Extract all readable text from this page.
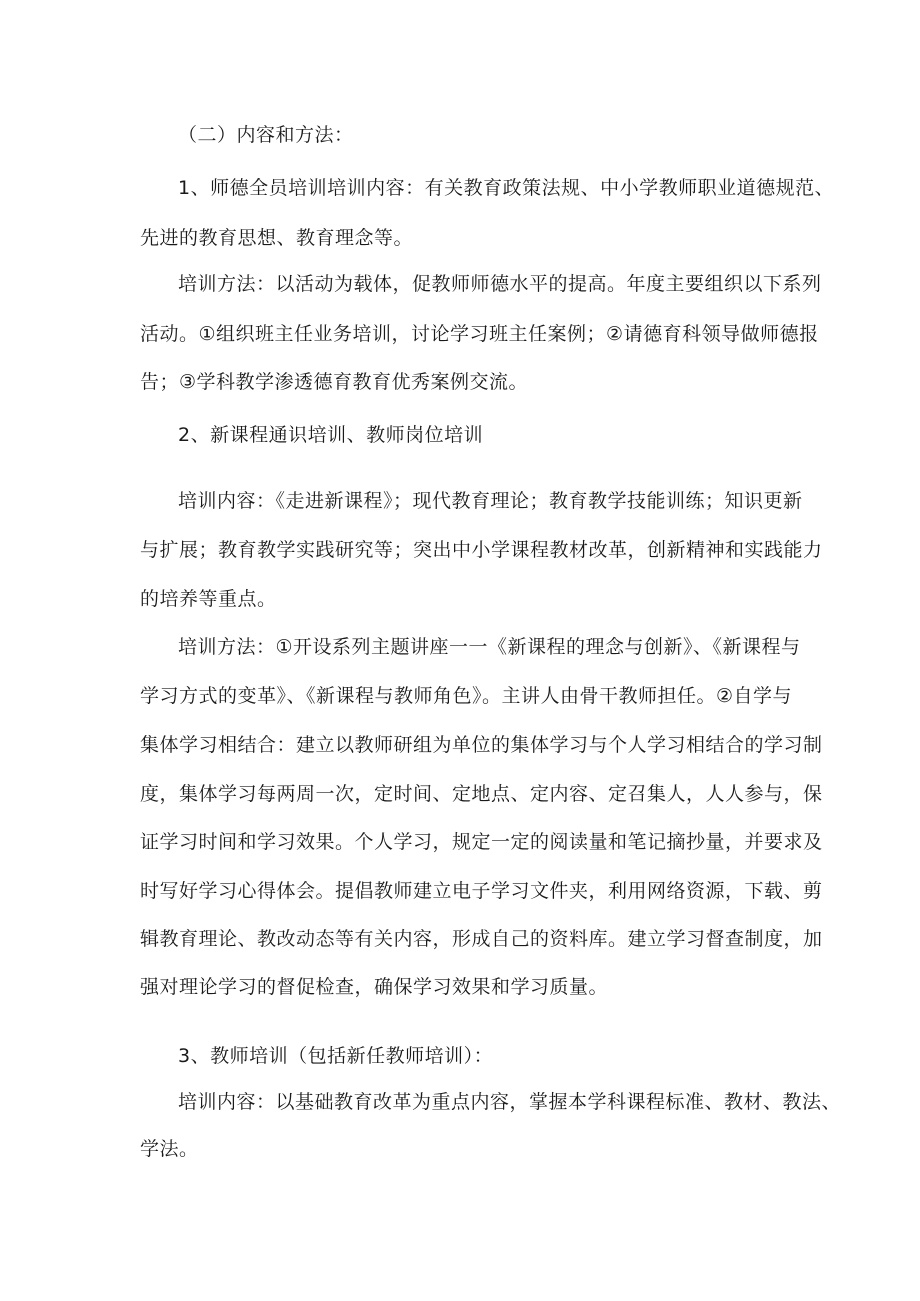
（二）内容和方法：
1、师德全员培训培训内容：有关教育政策法规、中小学教师职业道德规范、
先进的教育思想、教育理念等。
培训方法：以活动为载体，促教师师德水平的提高。年度主要组织以下系列
活动。①组织班主任业务培训，讨论学习班主任案例；②请德育科领导做师德报
告；③学科教学渗透德育教育优秀案例交流。
2、新课程通识培训、教师岗位培训
培训内容：《走进新课程》；现代教育理论；教育教学技能训练；知识更新
与扩展；教育教学实践研究等；突出中小学课程教材改革，创新精神和实践能力
的培养等重点。
培训方法：①开设系列主题讲座一一《新课程的理念与创新》、《新课程与
学习方式的变革》、《新课程与教师角色》。主讲人由骨干教师担任。②自学与
集体学习相结合：建立以教师研组为单位的集体学习与个人学习相结合的学习制
度，集体学习每两周一次，定时间、定地点、定内容、定召集人，人人参与，保
证学习时间和学习效果。个人学习，规定一定的阅读量和笔记摘抄量，并要求及
时写好学习心得体会。提倡教师建立电子学习文件夹，利用网络资源，下载、剪
辑教育理论、教改动态等有关内容，形成自己的资料库。建立学习督查制度，加
强对理论学习的督促检查，确保学习效果和学习质量。
3、教师培训（包括新任教师培训）：
培训内容：以基础教育改革为重点内容，掌握本学科课程标准、教材、教法、
学法。
